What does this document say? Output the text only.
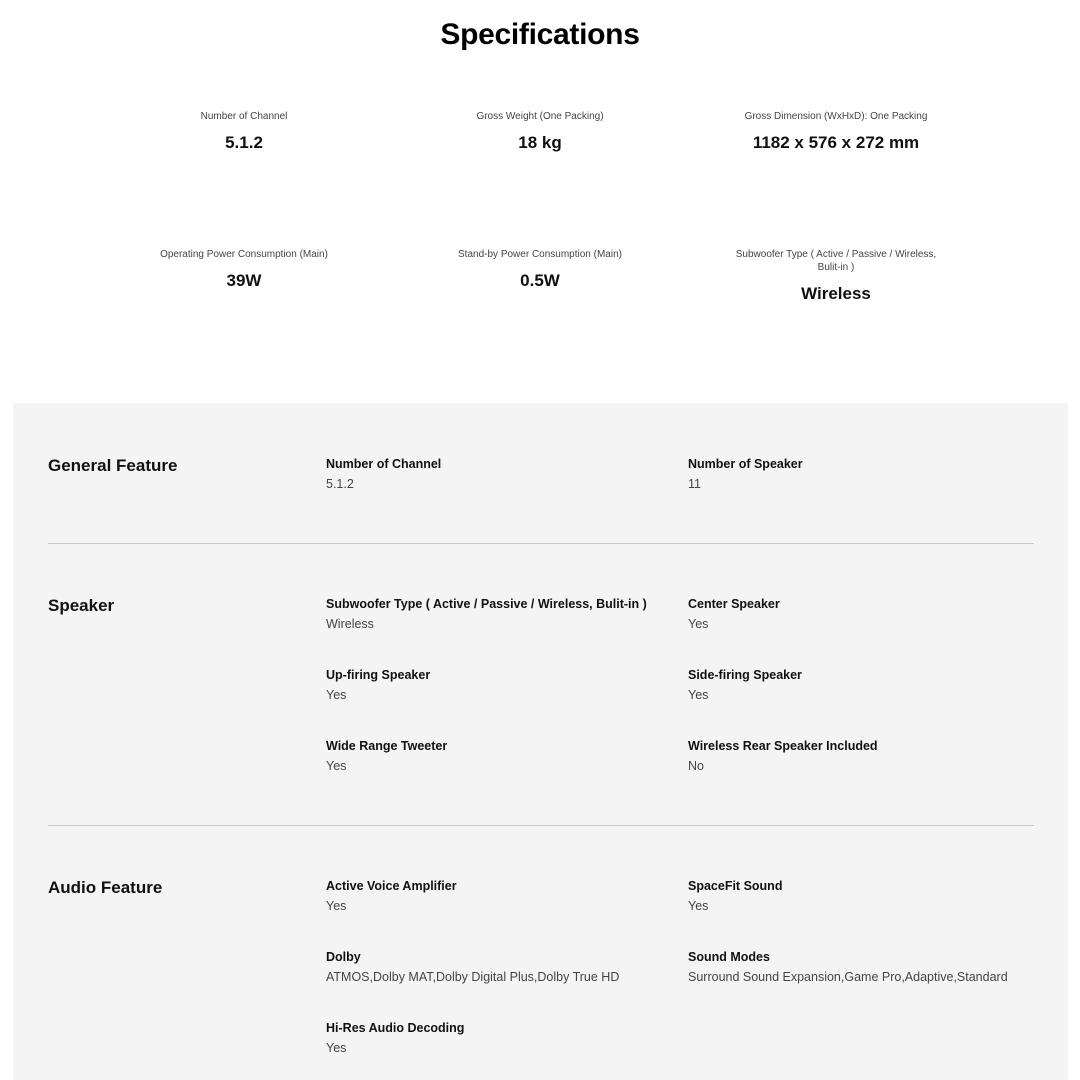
Specifications
Number of Channel
5.1.2
Gross Weight (One Packing)
18 kg
Gross Dimension (WxHxD): One Packing
1182 x 576 x 272 mm
Operating Power Consumption (Main)
39W
Stand-by Power Consumption (Main)
0.5W
Subwoofer Type ( Active / Passive / Wireless, Bulit-in )
Wireless
General Feature	Number of Channel
5.1.2
Number of Speaker
11
Speaker	Subwoofer Type ( Active / Passive / Wireless, Bulit-in )
Wireless
Center Speaker
Yes
Up-firing Speaker
Yes
Side-firing Speaker
Yes
Wide Range Tweeter
Yes
Wireless Rear Speaker Included
No
Audio Feature	Active Voice Amplifier
Yes
SpaceFit Sound
Yes
Dolby
ATMOS,Dolby MAT,Dolby Digital Plus,Dolby True HD
Sound Modes
Surround Sound Expansion,Game Pro,Adaptive,Standard
Hi-Res Audio Decoding
Yes
